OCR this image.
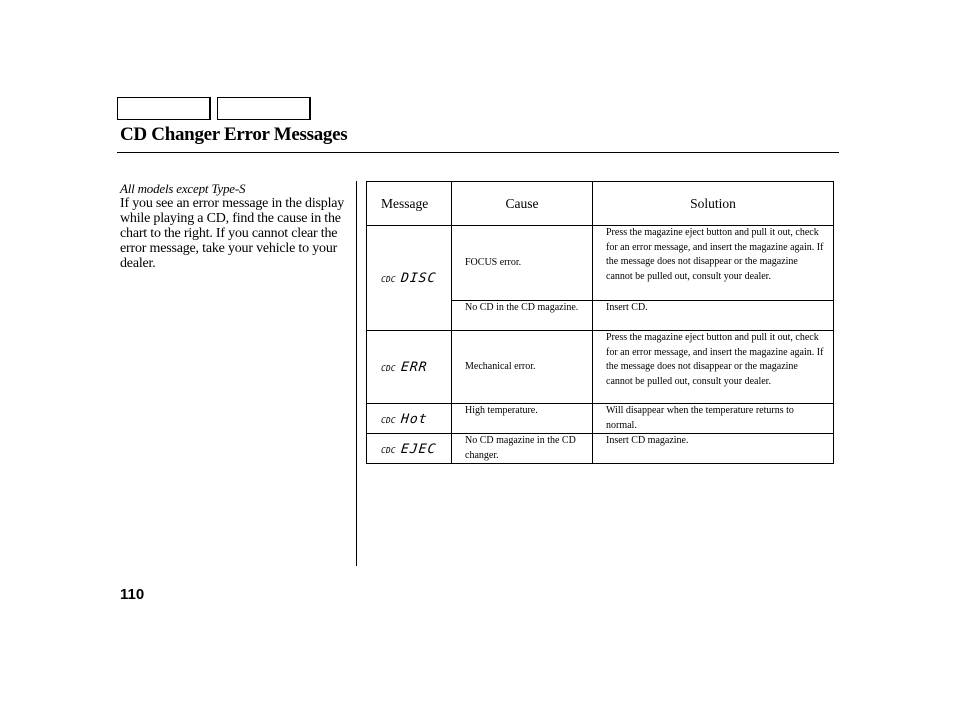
CD Changer Error Messages
All models except Type-S
If you see an error message in the display while playing a CD, find the cause in the chart to the right. If you cannot clear the error message, take your vehicle to your dealer.
Message	Cause	Solution

CDC DISC	FOCUS error.	Press the magazine eject button and pull it out, check for an error message, and insert the magazine again. If the message does not disappear or the magazine cannot be pulled out, consult your dealer.
	No CD in the CD magazine.	Insert CD.

CDC ERR	Mechanical error.	Press the magazine eject button and pull it out, check for an error message, and insert the magazine again. If the message does not disappear or the magazine cannot be pulled out, consult your dealer.

CDC Hot	High temperature.	Will disappear when the temperature returns to normal.

CDC EJEC	No CD magazine in the CD changer.	Insert CD magazine.
110
